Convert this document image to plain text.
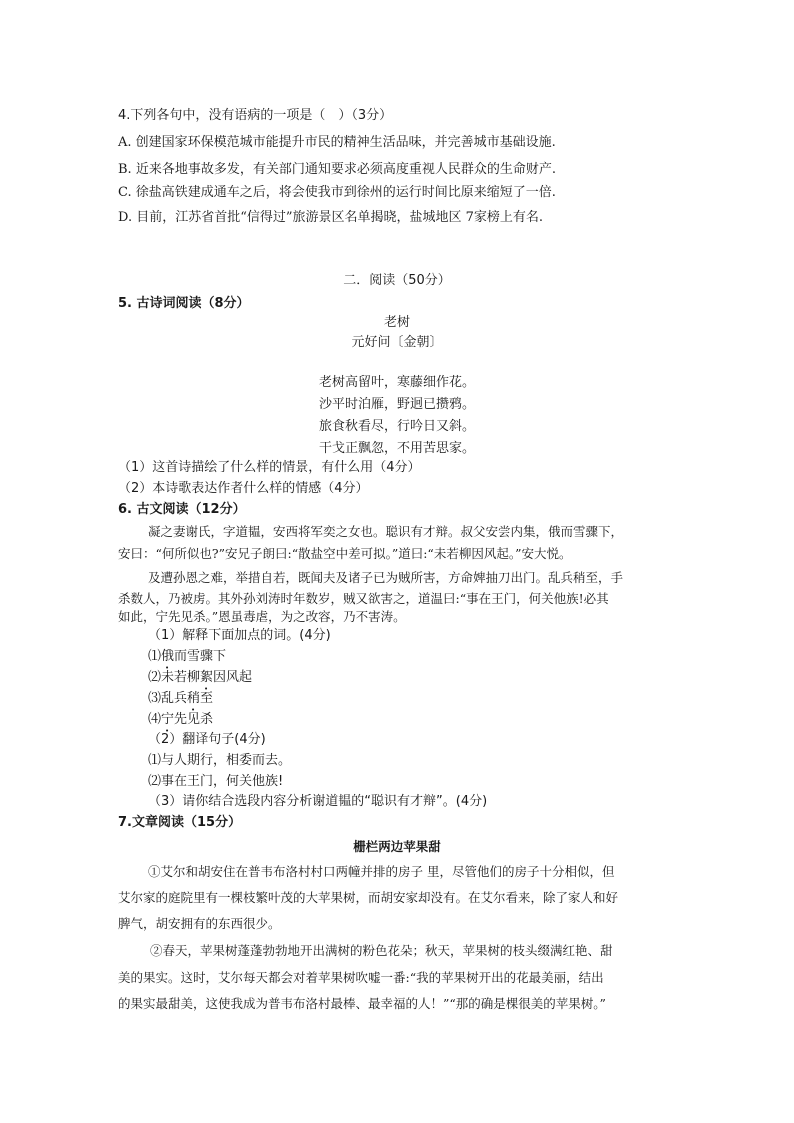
4.下列各句中，没有语病的一项是（　）（3分）
A. 创建国家环保模范城市能提升市民的精神生活品味，并完善城市基础设施.
B. 近来各地事故多发，有关部门通知要求必须高度重视人民群众的生命财产.
C. 徐盐高铁建成通车之后，将会使我市到徐州的运行时间比原来缩短了一倍.
D. 目前，江苏省首批“信得过”旅游景区名单揭晓，盐城地区 7家榜上有名.
二．阅读（50分）
5. 古诗词阅读（8分）
老树
元好问〔金朝〕
老树高留叶，寒藤细作花。
沙平时泊雁，野迥已攒鸦。
旅食秋看尽，行吟日又斜。
干戈正飘忽，不用苦思家。
（1）这首诗描绘了什么样的情景，有什么用（4分）
（2）本诗歌表达作者什么样的情感（4分）
6. 古文阅读（12分）
凝之妻谢氏，字道韫，安西将军奕之女也。聪识有才辩。叔父安尝内集，俄而雪骤下，
安曰：“何所似也?”安兄子朗曰:“散盐空中差可拟。”道曰:“未若柳因风起。”安大悦。
及遭孙恩之难，举措自若，既闻夫及诸子已为贼所害，方命婢抽刀出门。乱兵稍至，手
杀数人，乃被虏。其外孙刘涛时年数岁，贼又欲害之，道温曰:“事在王门，何关他族!必其
如此，宁先见杀。”恩虽毒虐，为之改容，乃不害涛。
（1）解释下面加点的词。(4分)
⑴俄而雪骤下
⑵未若柳絮因风起
⑶乱兵稍至
⑷宁先见杀
（2）翻译句子(4分)
⑴与人期行，相委而去。
⑵事在王门，何关他族!
（3）请你结合选段内容分析谢道韫的“聪识有才辩”。(4分)
7.文章阅读（15分）
栅栏两边苹果甜
①艾尔和胡安住在普韦布洛村村口两幢并排的房子 里，尽管他们的房子十分相似，但
艾尔家的庭院里有一棵枝繁叶茂的大苹果树，而胡安家却没有。在艾尔看来，除了家人和好
脾气，胡安拥有的东西很少。
②春天，苹果树蓬蓬勃勃地开出满树的粉色花朵；秋天，苹果树的枝头缀满红艳、甜
美的果实。这时，艾尔每天都会对着苹果树吹嘘一番:“我的苹果树开出的花最美丽，结出
的果实最甜美，这使我成为普韦布洛村最棒、最幸福的人！”“那的确是棵很美的苹果树。”
